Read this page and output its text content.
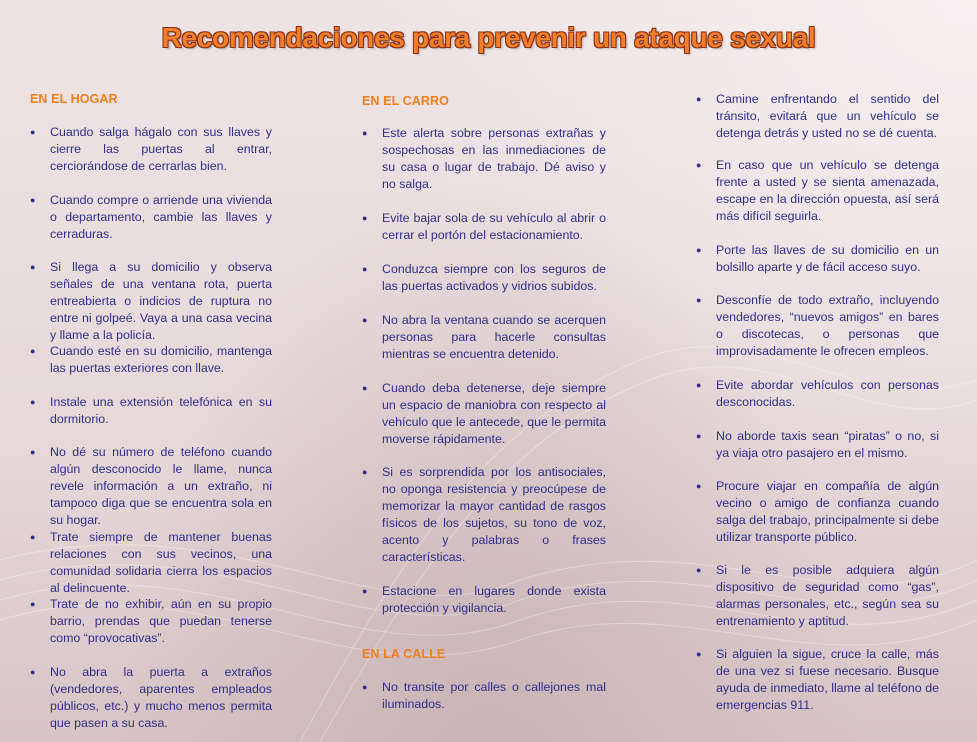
Recomendaciones para prevenir un ataque sexual
EN EL HOGAR
● Cuando salga hágalo con sus llaves y cierre las puertas al entrar, cerciorándose de cerrarlas bien.
● Cuando compre o arriende una vivienda o departamento, cambie las llaves y cerraduras.
● Si llega a su domicilio y observa señales de una ventana rota, puerta entreabierta o indicios de ruptura no entre ni golpeé. Vaya a una casa vecina y llame a la policía.
● Cuando esté en su domicilio, mantenga las puertas exteriores con llave.
● Instale una extensión telefónica en su dormitorio.
● No dé su número de teléfono cuando algún desconocido le llame, nunca revele información a un extraño, ni tampoco diga que se encuentra sola en su hogar.
● Trate siempre de mantener buenas relaciones con sus vecinos, una comunidad solidaria cierra los espacios al delincuente.
● Trate de no exhibir, aún en su propio barrio, prendas que puedan tenerse como “provocativas”.
● No abra la puerta a extraños (vendedores, aparentes empleados públicos, etc.) y mucho menos permita que pasen a su casa.
EN EL CARRO
● Este alerta sobre personas extrañas y sospechosas en las inmediaciones de su casa o lugar de trabajo. Dé aviso y no salga.
● Evite bajar sola de su vehículo al abrir o cerrar el portón del estacionamiento.
● Conduzca siempre con los seguros de las puertas activados y vidrios subidos.
● No abra la ventana cuando se acerquen personas para hacerle consultas mientras se encuentra detenido.
● Cuando deba detenerse, deje siempre un espacio de maniobra con respecto al vehículo que le antecede, que le permita moverse rápidamente.
● Si es sorprendida por los antisociales, no oponga resistencia y preocúpese de memorizar la mayor cantidad de rasgos físicos de los sujetos, su tono de voz, acento y palabras o frases características.
● Estacione en lugares donde exista protección y vigilancia.
EN LA CALLE
● No transite por calles o callejones mal iluminados.
● Camine enfrentando el sentido del tránsito, evitará que un vehículo se detenga detrás y usted no se dé cuenta.
● En caso que un vehículo se detenga frente a usted y se sienta amenazada, escape en la dirección opuesta, así será más difícil seguirla.
● Porte las llaves de su domicilio en un bolsillo aparte y de fácil acceso suyo.
● Desconfíe de todo extraño, incluyendo vendedores, “nuevos amigos” en bares o discotecas, o personas que improvisadamente le ofrecen empleos.
● Evite abordar vehículos con personas desconocidas.
● No aborde taxis sean “piratas” o no, si ya viaja otro pasajero en el mismo.
● Procure viajar en compañía de algún vecino o amigo de confianza cuando salga del trabajo, principalmente si debe utilizar transporte público.
● Si le es posible adquiera algún dispositivo de seguridad como “gas”, alarmas personales, etc., según sea su entrenamiento y aptitud.
● Si alguien la sigue, cruce la calle, más de una vez si fuese necesario. Busque ayuda de inmediato, llame al teléfono de emergencias 911.
